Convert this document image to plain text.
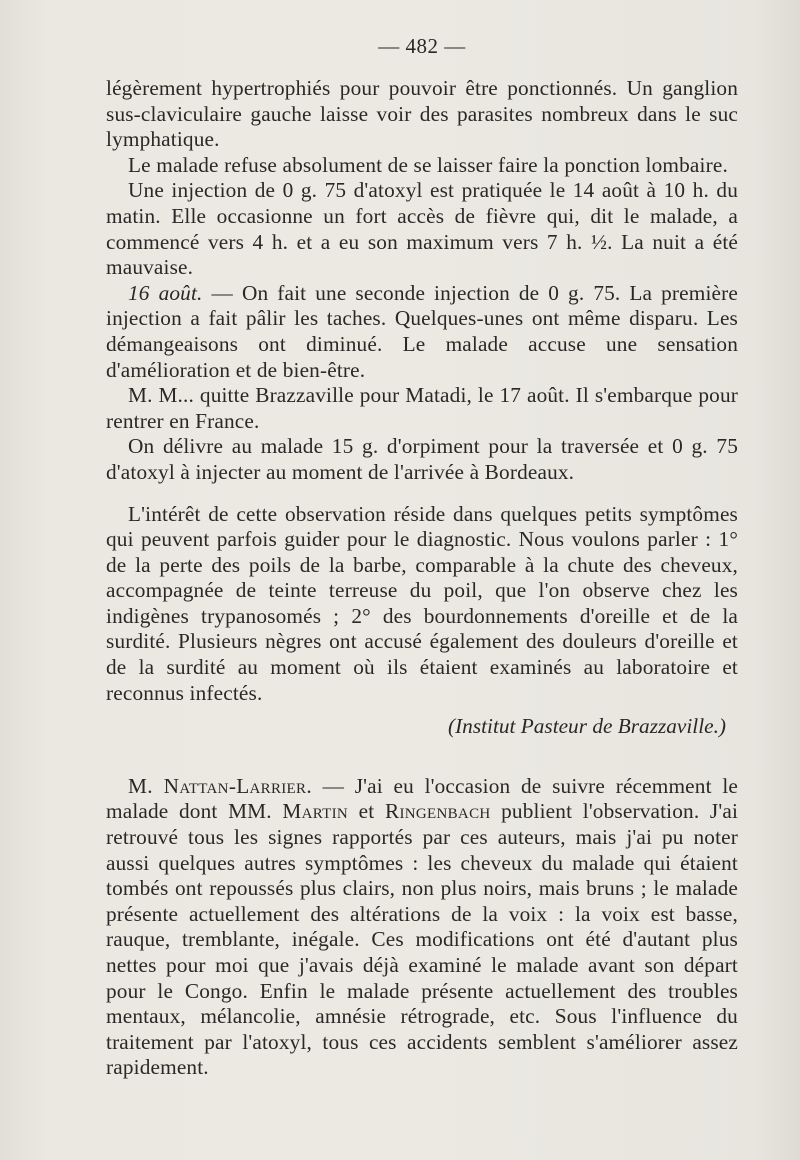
— 482 —

légèrement hypertrophiés pour pouvoir être ponctionnés. Un ganglion sus-claviculaire gauche laisse voir des parasites nombreux dans le suc lymphatique.

Le malade refuse absolument de se laisser faire la ponction lombaire.

Une injection de 0 g. 75 d'atoxyl est pratiquée le 14 août à 10 h. du matin. Elle occasionne un fort accès de fièvre qui, dit le malade, a commencé vers 4 h. et a eu son maximum vers 7 h. ½. La nuit a été mauvaise.

16 août. — On fait une seconde injection de 0 g. 75. La première injection a fait pâlir les taches. Quelques-unes ont même disparu. Les démangeaisons ont diminué. Le malade accuse une sensation d'amélioration et de bien-être.

M. M... quitte Brazzaville pour Matadi, le 17 août. Il s'embarque pour rentrer en France.

On délivre au malade 15 g. d'orpiment pour la traversée et 0 g. 75 d'atoxyl à injecter au moment de l'arrivée à Bordeaux.

L'intérêt de cette observation réside dans quelques petits symptômes qui peuvent parfois guider pour le diagnostic. Nous voulons parler : 1° de la perte des poils de la barbe, comparable à la chute des cheveux, accompagnée de teinte terreuse du poil, que l'on observe chez les indigènes trypanosomés ; 2° des bourdonnements d'oreille et de la surdité. Plusieurs nègres ont accusé également des douleurs d'oreille et de la surdité au moment où ils étaient examinés au laboratoire et reconnus infectés.

(Institut Pasteur de Brazzaville.)

M. Nattan-Larrier. — J'ai eu l'occasion de suivre récemment le malade dont MM. Martin et Ringenbach publient l'observation. J'ai retrouvé tous les signes rapportés par ces auteurs, mais j'ai pu noter aussi quelques autres symptômes : les cheveux du malade qui étaient tombés ont repoussés plus clairs, non plus noirs, mais bruns ; le malade présente actuellement des altérations de la voix : la voix est basse, rauque, tremblante, inégale. Ces modifications ont été d'autant plus nettes pour moi que j'avais déjà examiné le malade avant son départ pour le Congo. Enfin le malade présente actuellement des troubles mentaux, mélancolie, amnésie rétrograde, etc. Sous l'influence du traitement par l'atoxyl, tous ces accidents semblent s'améliorer assez rapidement.
